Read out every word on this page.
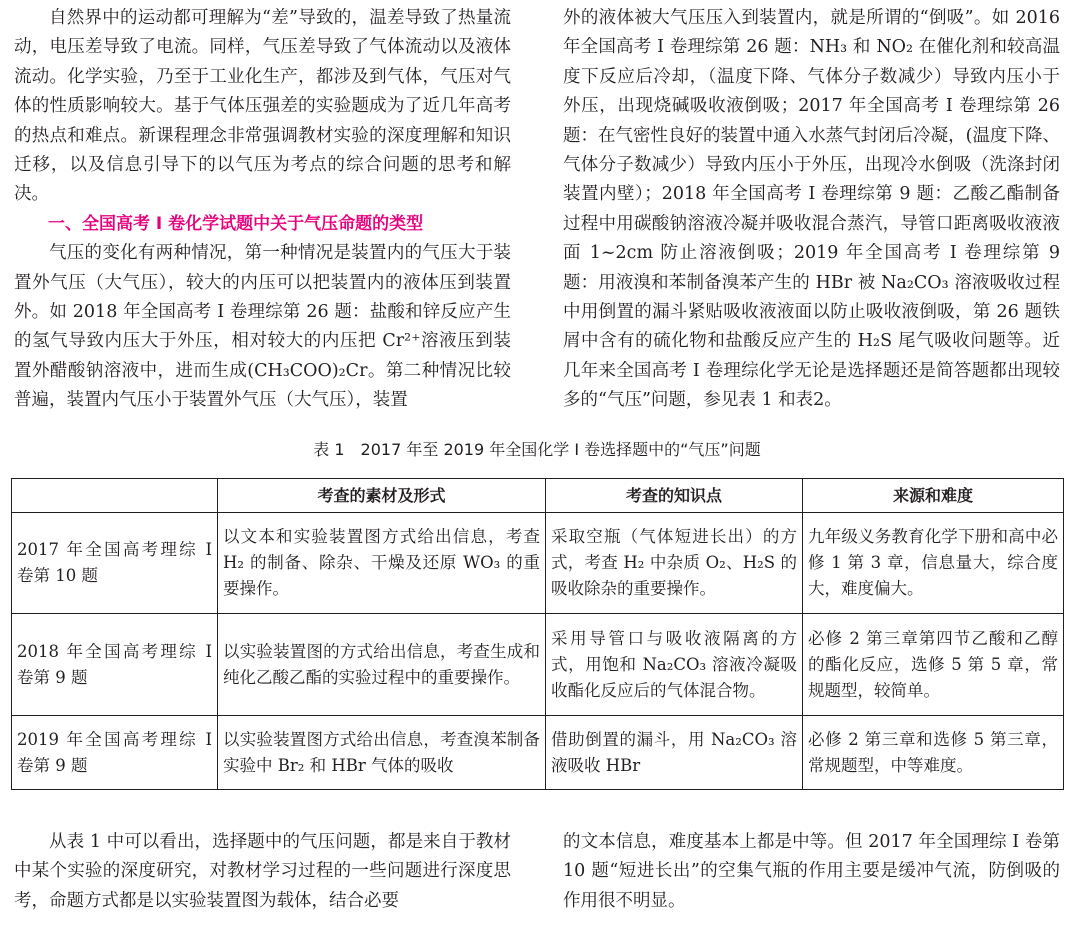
自然界中的运动都可理解为“差”导致的，温差导致了热量流动，电压差导致了电流。同样，气压差导致了气体流动以及液体流动。化学实验，乃至于工业化生产，都涉及到气体，气压对气体的性质影响较大。基于气体压强差的实验题成为了近几年高考的热点和难点。新课程理念非常强调教材实验的深度理解和知识迁移，以及信息引导下的以气压为考点的综合问题的思考和解决。

一、全国高考 I 卷化学试题中关于气压命题的类型

气压的变化有两种情况，第一种情况是装置内的气压大于装置外气压（大气压），较大的内压可以把装置内的液体压到装置外。如 2018 年全国高考 I 卷理综第 26 题：盐酸和锌反应产生的氢气导致内压大于外压，相对较大的内压把 Cr²⁺溶液压到装置外醋酸钠溶液中，进而生成(CH₃COO)₂Cr。第二种情况比较普遍，装置内气压小于装置外气压（大气压），装置

外的液体被大气压压入到装置内，就是所谓的“倒吸”。如 2016 年全国高考 I 卷理综第 26 题：NH₃ 和 NO₂ 在催化剂和较高温度下反应后冷却，（温度下降、气体分子数减少）导致内压小于外压，出现烧碱吸收液倒吸；2017 年全国高考 I 卷理综第 26 题：在气密性良好的装置中通入水蒸气封闭后冷凝，(温度下降、气体分子数减少）导致内压小于外压，出现冷水倒吸（洗涤封闭装置内壁）；2018 年全国高考 I 卷理综第 9 题：乙酸乙酯制备过程中用碳酸钠溶液冷凝并吸收混合蒸汽，导管口距离吸收液液面 1~2cm 防止溶液倒吸；2019 年全国高考 I 卷理综第 9 题：用液溴和苯制备溴苯产生的 HBr 被 Na₂CO₃ 溶液吸收过程中用倒置的漏斗紧贴吸收液液面以防止吸收液倒吸，第 26 题铁屑中含有的硫化物和盐酸反应产生的 H₂S 尾气吸收问题等。近几年来全国高考 I 卷理综化学无论是选择题还是简答题都出现较多的“气压”问题，参见表 1 和表2。

表 1　2017 年至 2019 年全国化学 I 卷选择题中的“气压”问题
	考查的素材及形式	考查的知识点	来源和难度
2017 年全国高考理综 I 卷第 10 题	以文本和实验装置图方式给出信息，考查 H₂ 的制备、除杂、干燥及还原 WO₃ 的重要操作。	采取空瓶（气体短进长出）的方式，考查 H₂ 中杂质 O₂、H₂S 的吸收除杂的重要操作。	九年级义务教育化学下册和高中必修 1 第 3 章，信息量大，综合度大，难度偏大。
2018 年全国高考理综 I 卷第 9 题	以实验装置图的方式给出信息，考查生成和纯化乙酸乙酯的实验过程中的重要操作。	采用导管口与吸收液隔离的方式，用饱和 Na₂CO₃ 溶液冷凝吸收酯化反应后的气体混合物。	必修 2 第三章第四节乙酸和乙醇的酯化反应，选修 5 第 5 章，常规题型，较简单。
2019 年全国高考理综 I 卷第 9 题	以实验装置图方式给出信息，考查溴苯制备实验中 Br₂ 和 HBr 气体的吸收	借助倒置的漏斗，用 Na₂CO₃ 溶液吸收 HBr	必修 2 第三章和选修 5 第三章，常规题型，中等难度。

从表 1 中可以看出，选择题中的气压问题，都是来自于教材中某个实验的深度研究，对教材学习过程的一些问题进行深度思考，命题方式都是以实验装置图为载体，结合必要

的文本信息，难度基本上都是中等。但 2017 年全国理综 I 卷第 10 题“短进长出”的空集气瓶的作用主要是缓冲气流，防倒吸的作用很不明显。
